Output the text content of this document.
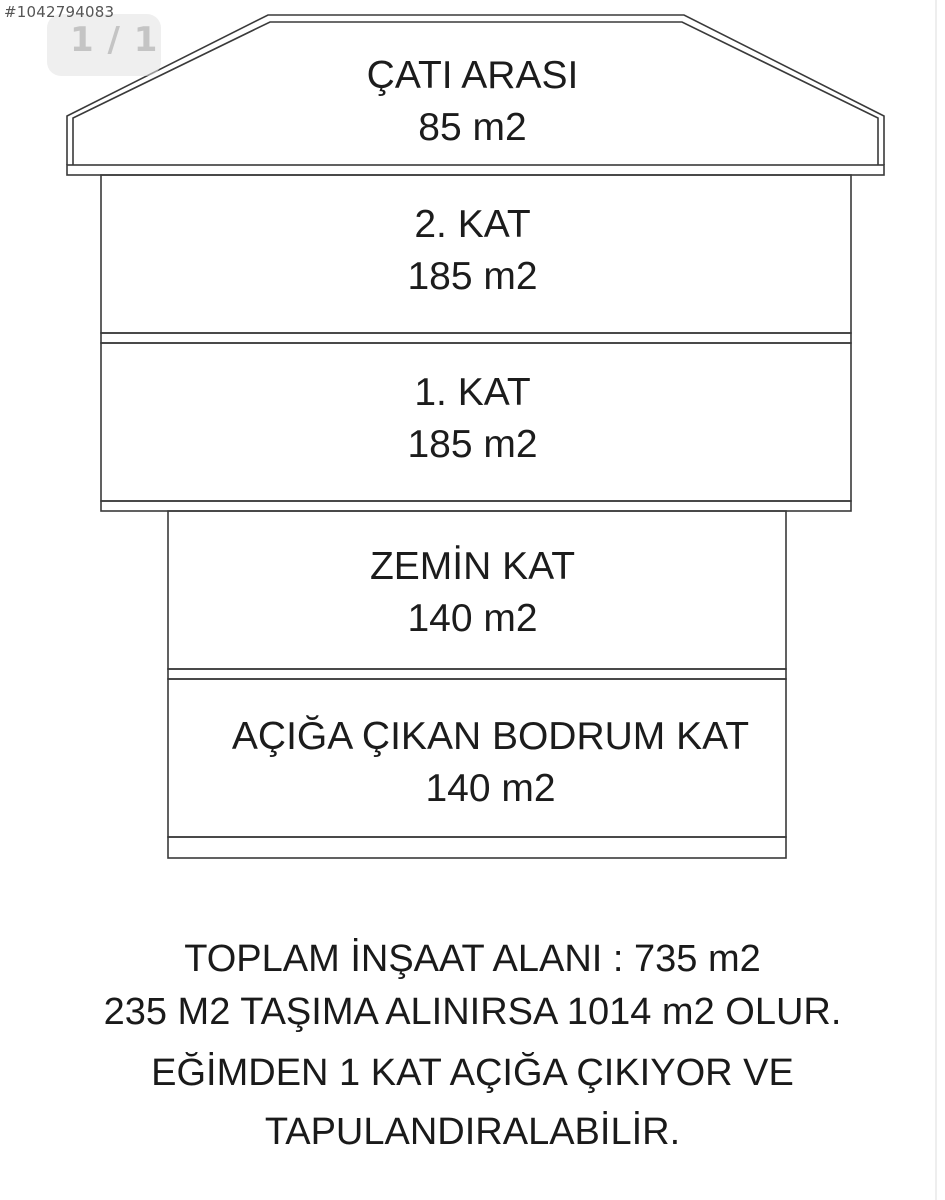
#1042794083
1 / 1
ÇATI ARASI
85 m2
2. KAT
185 m2
1. KAT
185 m2
ZEMİN KAT
140 m2
AÇIĞA ÇIKAN BODRUM KAT
140 m2
TOPLAM İNŞAAT ALANI : 735 m2
235 M2 TAŞIMA ALINIRSA 1014 m2 OLUR.
EĞİMDEN 1 KAT AÇIĞA ÇIKIYOR VE
TAPULANDIRALABİLİR.
